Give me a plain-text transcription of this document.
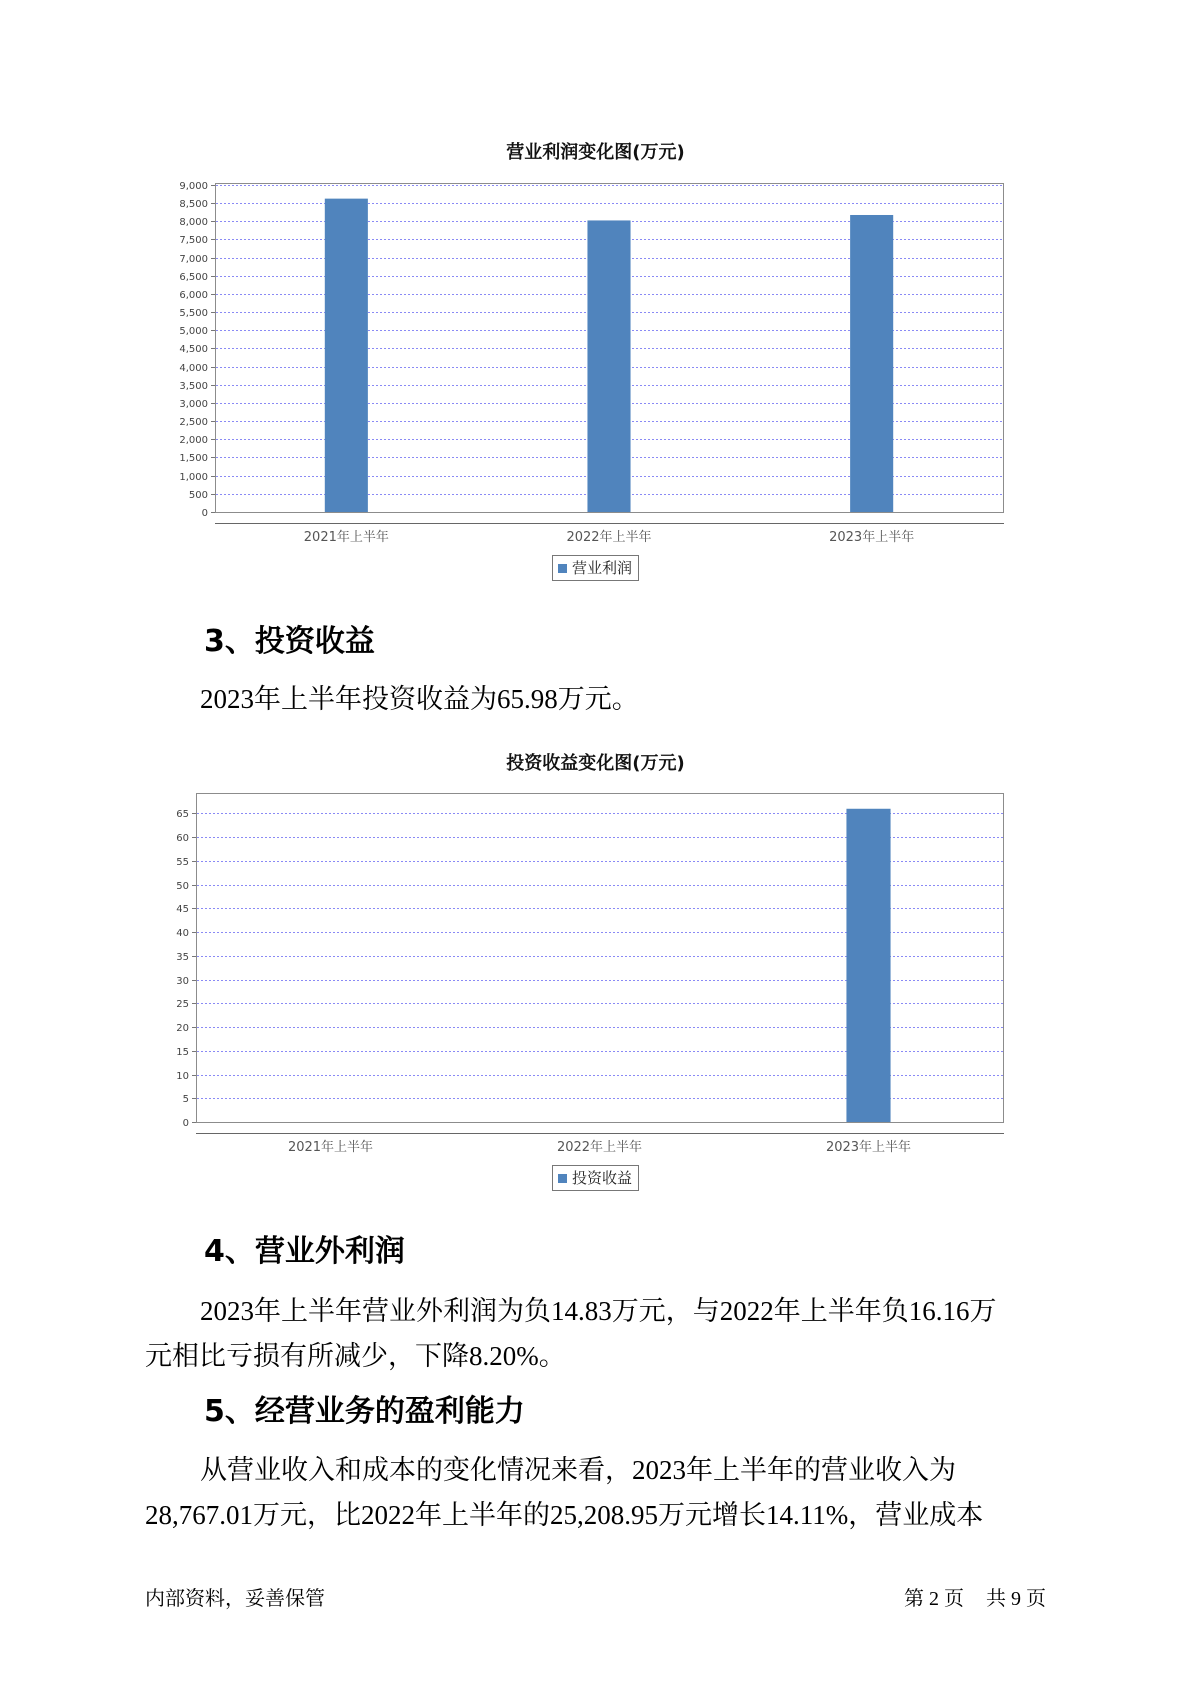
营业利润变化图(万元)
0
500
1,000
1,500
2,000
2,500
3,000
3,500
4,000
4,500
5,000
5,500
6,000
6,500
7,000
7,500
8,000
8,500
9,000
2021年上半年	2022年上半年	2023年上半年
营业利润
3、投资收益
2023年上半年投资收益为65.98万元。
投资收益变化图(万元)
0
5
10
15
20
25
30
35
40
45
50
55
60
65
2021年上半年	2022年上半年	2023年上半年
投资收益
4、营业外利润
2023年上半年营业外利润为负14.83万元，与2022年上半年负16.16万
元相比亏损有所减少，下降8.20%。
5、经营业务的盈利能力
从营业收入和成本的变化情况来看，2023年上半年的营业收入为
28,767.01万元，比2022年上半年的25,208.95万元增长14.11%，营业成本
内部资料，妥善保管	第 2 页 共 9 页
